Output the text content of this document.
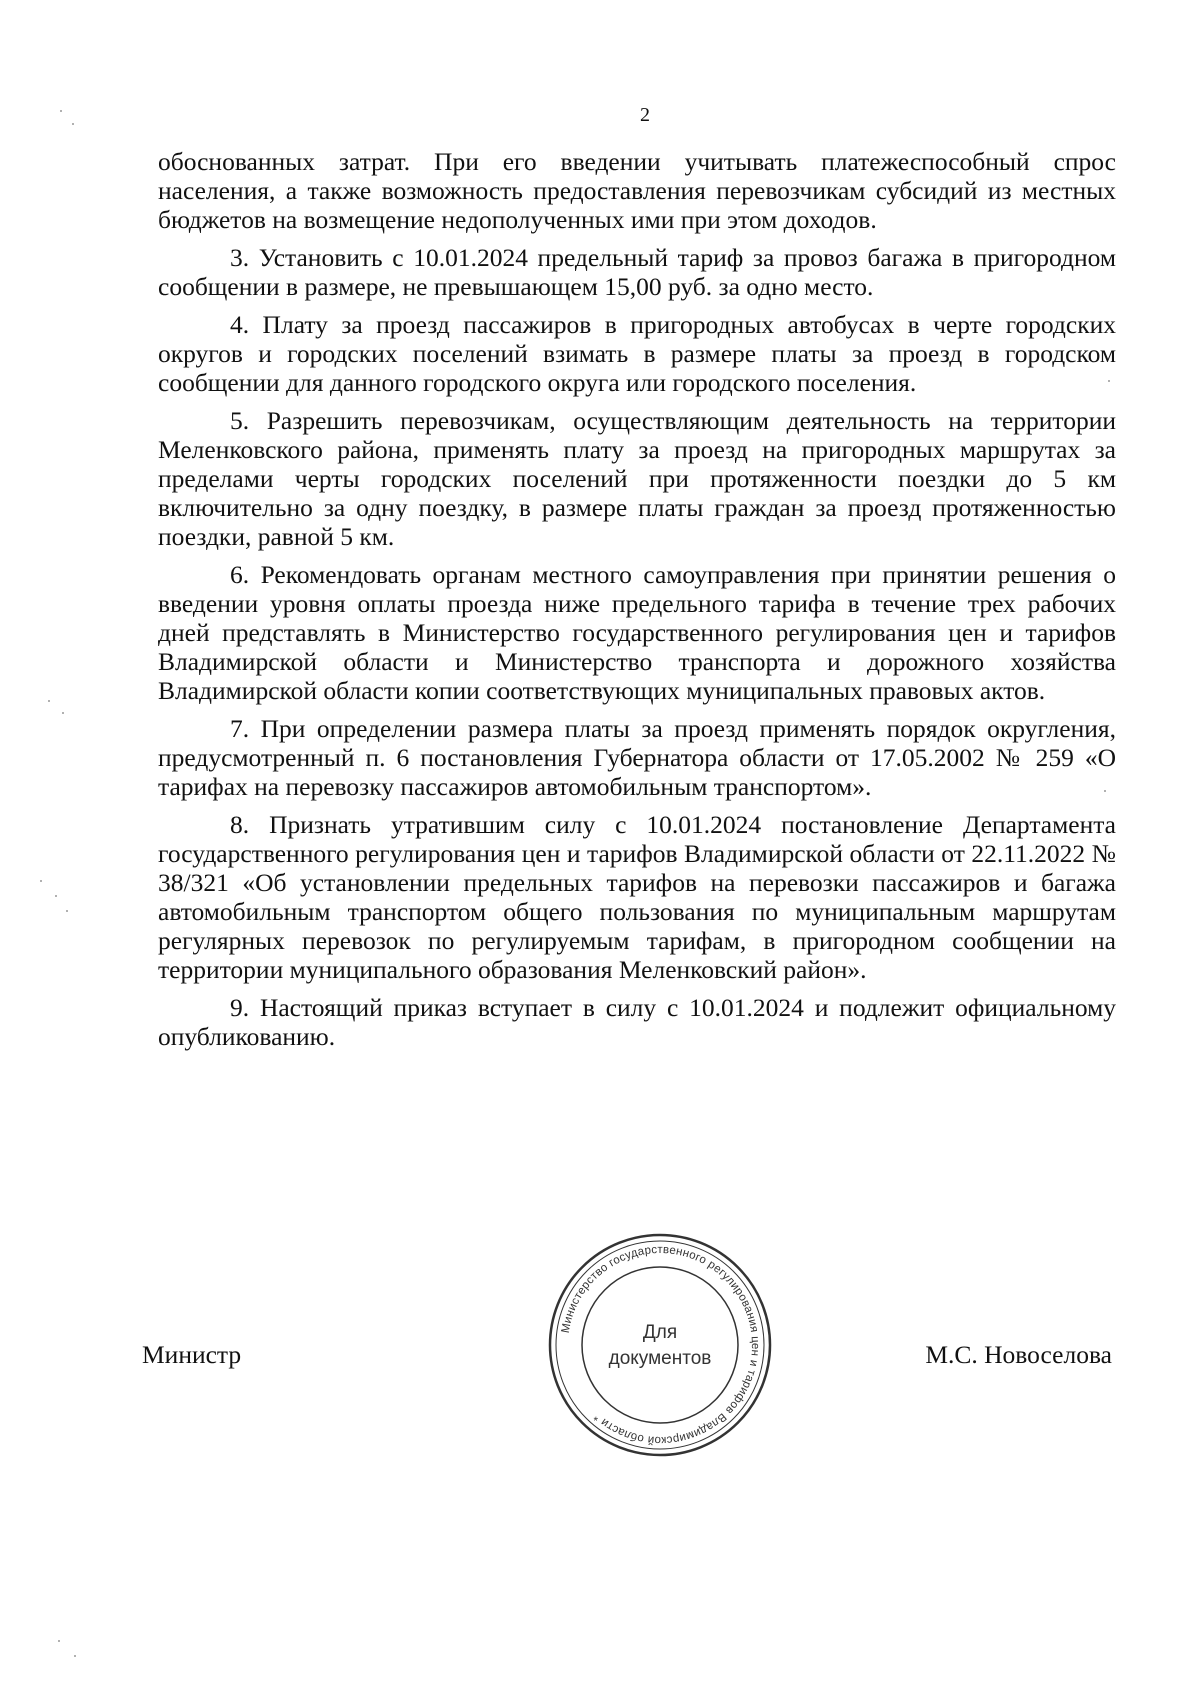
2

обоснованных затрат. При его введении учитывать платежеспособный спрос населения, а также возможность предоставления перевозчикам субсидий из местных бюджетов на возмещение недополученных ими при этом доходов.

3. Установить с 10.01.2024 предельный тариф за провоз багажа в пригородном сообщении в размере, не превышающем 15,00 руб. за одно место.

4. Плату за проезд пассажиров в пригородных автобусах в черте городских округов и городских поселений взимать в размере платы за проезд в городском сообщении для данного городского округа или городского поселения.

5. Разрешить перевозчикам, осуществляющим деятельность на территории Меленковского района, применять плату за проезд на пригородных маршрутах за пределами черты городских поселений при протяженности поездки до 5 км включительно за одну поездку, в размере платы граждан за проезд протяженностью поездки, равной 5 км.

6. Рекомендовать органам местного самоуправления при принятии решения о введении уровня оплаты проезда ниже предельного тарифа в течение трех рабочих дней представлять в Министерство государственного регулирования цен и тарифов Владимирской области и Министерство транспорта и дорожного хозяйства Владимирской области копии соответствующих муниципальных правовых актов.

7. При определении размера платы за проезд применять порядок округления, предусмотренный п. 6 постановления Губернатора области от 17.05.2002 № 259 «О тарифах на перевозку пассажиров автомобильным транспортом».

8. Признать утратившим силу с 10.01.2024 постановление Департамента государственного регулирования цен и тарифов Владимирской области от 22.11.2022 № 38/321 «Об установлении предельных тарифов на перевозки пассажиров и багажа автомобильным транспортом общего пользования по муниципальным маршрутам регулярных перевозок по регулируемым тарифам, в пригородном сообщении на территории муниципального образования Меленковский район».

9. Настоящий приказ вступает в силу с 10.01.2024 и подлежит официальному опубликованию.

Министерство государственного регулирования цен и тарифов Владимирской области *
Для
документов
Министр	М.С. Новоселова
